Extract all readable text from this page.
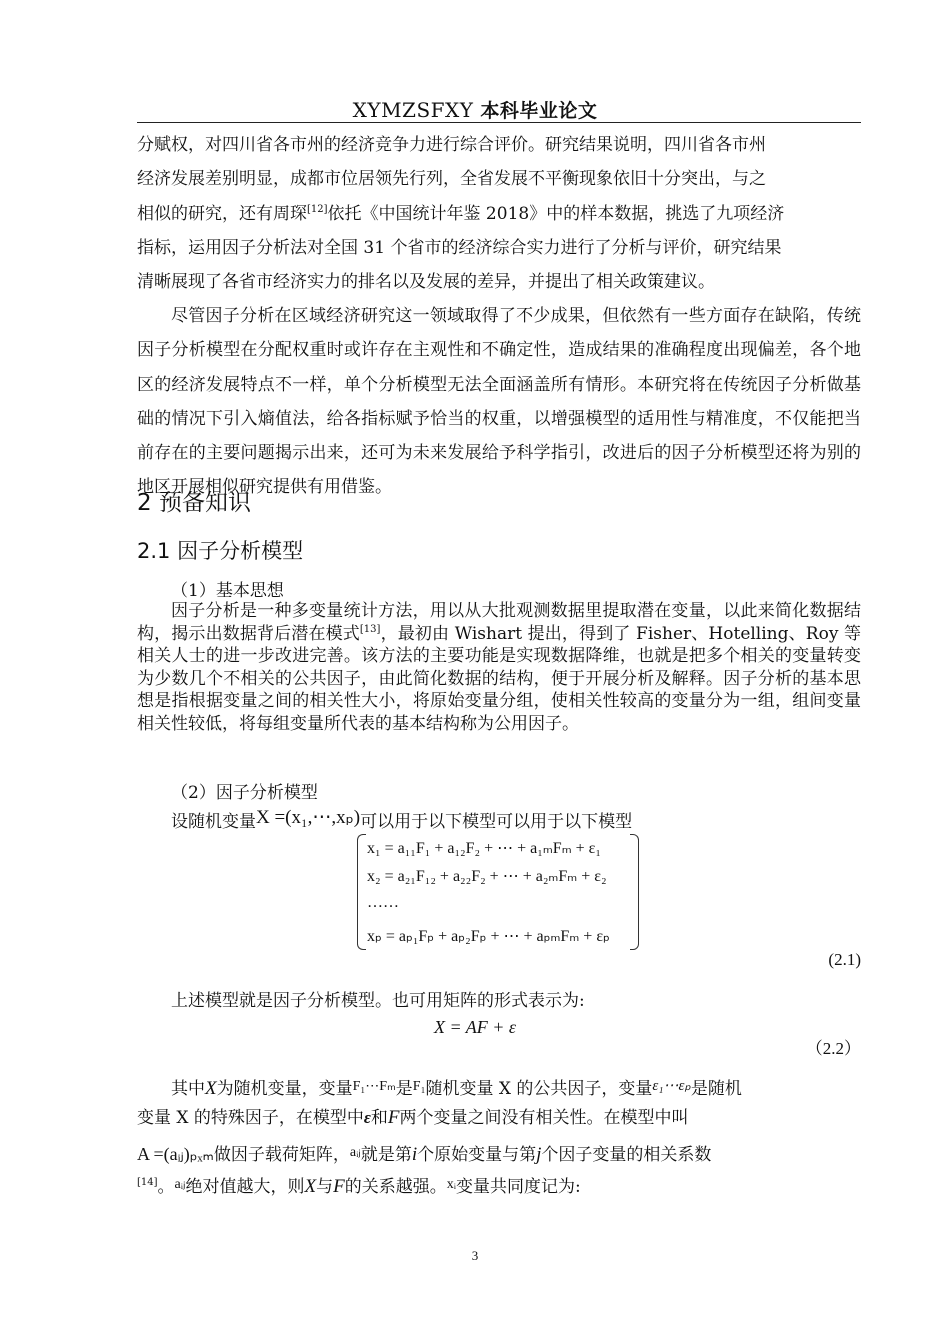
XYMZSFXY 本科毕业论文
分赋权，对四川省各市州的经济竞争力进行综合评价。研究结果说明，四川省各市州
经济发展差别明显，成都市位居领先行列，全省发展不平衡现象依旧十分突出，与之
相似的研究，还有周琛[12]依托《中国统计年鉴 2018》中的样本数据，挑选了九项经济
指标，运用因子分析法对全国 31 个省市的经济综合实力进行了分析与评价，研究结果
清晰展现了各省市经济实力的排名以及发展的差异，并提出了相关政策建议。
尽管因子分析在区域经济研究这一领域取得了不少成果，但依然有一些方面存在缺陷，传统因子分析模型在分配权重时或许存在主观性和不确定性，造成结果的准确程度出现偏差，各个地区的经济发展特点不一样，单个分析模型无法全面涵盖所有情形。本研究将在传统因子分析做基础的情况下引入熵值法，给各指标赋予恰当的权重，以增强模型的适用性与精准度，不仅能把当前存在的主要问题揭示出来，还可为未来发展给予科学指引，改进后的因子分析模型还将为别的地区开展相似研究提供有用借鉴。
2 预备知识
2.1 因子分析模型
（1）基本思想
因子分析是一种多变量统计方法，用以从大批观测数据里提取潜在变量，以此来简化数据结构，揭示出数据背后潜在模式[13]，最初由 Wishart 提出，得到了 Fisher、Hotelling、Roy 等相关人士的进一步改进完善。该方法的主要功能是实现数据降维，也就是把多个相关的变量转变为少数几个不相关的公共因子，由此简化数据的结构，便于开展分析及解释。因子分析的基本思想是指根据变量之间的相关性大小，将原始变量分组，使相关性较高的变量分为一组，组间变量相关性较低，将每组变量所代表的基本结构称为公用因子。
（2）因子分析模型
设随机变量X =(x₁,⋯,xₚ)可以用于以下模型可以用于以下模型
x₁ = a₁₁F₁ + a₁₂F₂ + ⋯ + a₁ₘFₘ + ε₁
x₂ = a₂₁F₁₂ + a₂₂F₂ + ⋯ + a₂ₘFₘ + ε₂
……
xₚ = aₚ₁Fₚ + aₚ₂Fₚ + ⋯ + aₚₘFₘ + εₚ
(2.1)
上述模型就是因子分析模型。也可用矩阵的形式表示为:
X = AF + ε
（2.2）
其中X为随机变量，变量$^{F_1\cdots F_m}$是$^{F_1}$随机变量 X 的公共因子，变量ε₁⋯εₚ是随机
变量 X 的特殊因子，在模型中ε和F两个变量之间没有相关性。在模型中叫
A =(aᵢⱼ)ₚₓₘ做因子载荷矩阵，$^{aᵢⱼ}$就是第i个原始变量与第j个因子变量的相关系数
[14]。$^{aᵢⱼ}$绝对值越大，则X与F的关系越强。$^{xᵢ}$变量共同度记为:
3
